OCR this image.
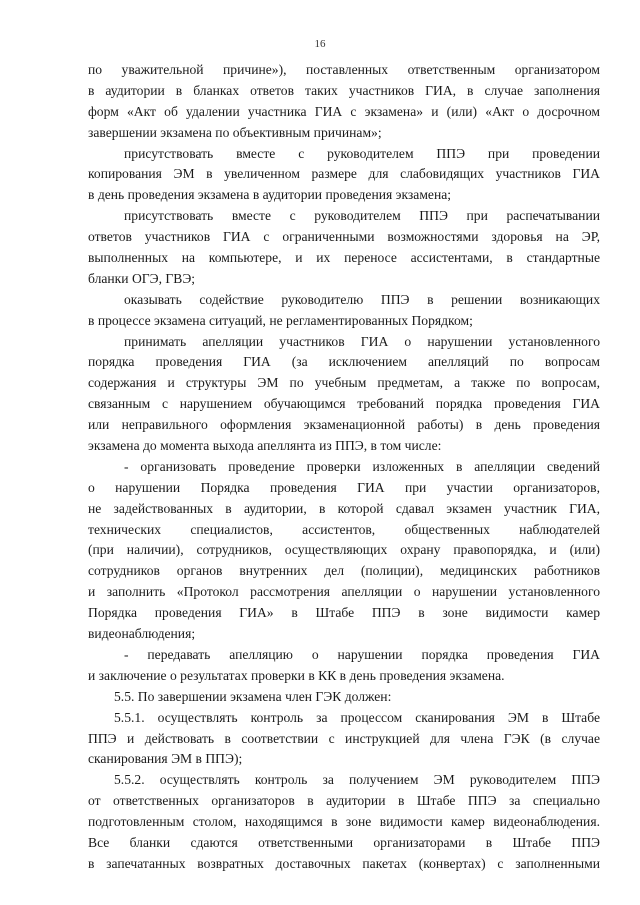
16
по уважительной причине»), поставленных ответственным организатором
в аудитории в бланках ответов таких участников ГИА, в случае заполнения
форм «Акт об удалении участника ГИА с экзамена» и (или) «Акт о досрочном
завершении экзамена по объективным причинам»;
присутствовать вместе с руководителем ППЭ при проведении
копирования ЭМ в увеличенном размере для слабовидящих участников ГИА
в день проведения экзамена в аудитории проведения экзамена;
присутствовать вместе с руководителем ППЭ при распечатывании
ответов участников ГИА с ограниченными возможностями здоровья на ЭР,
выполненных на компьютере, и их переносе ассистентами, в стандартные
бланки ОГЭ, ГВЭ;
оказывать содействие руководителю ППЭ в решении возникающих
в процессе экзамена ситуаций, не регламентированных Порядком;
принимать апелляции участников ГИА о нарушении установленного
порядка проведения ГИА (за исключением апелляций по вопросам
содержания и структуры ЭМ по учебным предметам, а также по вопросам,
связанным с нарушением обучающимся требований порядка проведения ГИА
или неправильного оформления экзаменационной работы) в день проведения
экзамена до момента выхода апеллянта из ППЭ, в том числе:
- организовать проведение проверки изложенных в апелляции сведений
о нарушении Порядка проведения ГИА при участии организаторов,
не задействованных в аудитории, в которой сдавал экзамен участник ГИА,
технических специалистов, ассистентов, общественных наблюдателей
(при наличии), сотрудников, осуществляющих охрану правопорядка, и (или)
сотрудников органов внутренних дел (полиции), медицинских работников
и заполнить «Протокол рассмотрения апелляции о нарушении установленного
Порядка проведения ГИА» в Штабе ППЭ в зоне видимости камер
видеонаблюдения;
- передавать апелляцию о нарушении порядка проведения ГИА
и заключение о результатах проверки в КК в день проведения экзамена.
5.5. По завершении экзамена член ГЭК должен:
5.5.1. осуществлять контроль за процессом сканирования ЭМ в Штабе
ППЭ и действовать в соответствии с инструкцией для члена ГЭК (в случае
сканирования ЭМ в ППЭ);
5.5.2. осуществлять контроль за получением ЭМ руководителем ППЭ
от ответственных организаторов в аудитории в Штабе ППЭ за специально
подготовленным столом, находящимся в зоне видимости камер видеонаблюдения.
Все бланки сдаются ответственными организаторами в Штабе ППЭ
в запечатанных возвратных доставочных пакетах (конвертах) с заполненными
